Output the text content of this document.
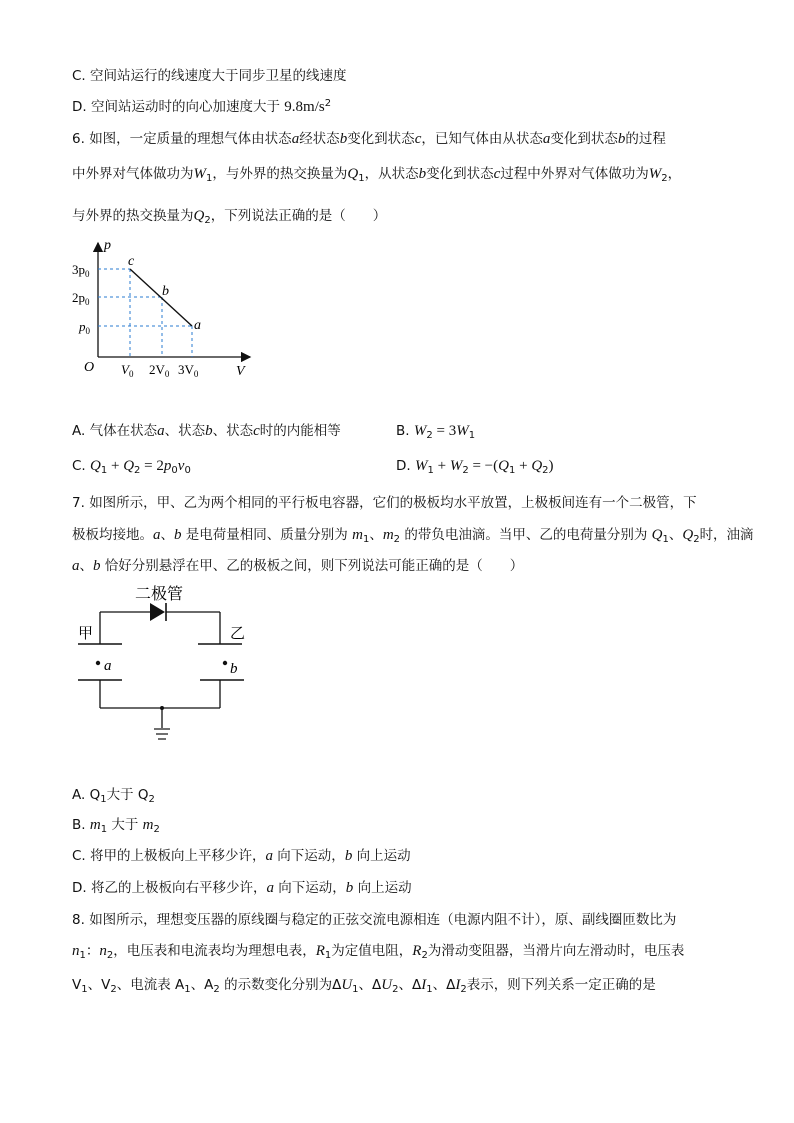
C. 空间站运行的线速度大于同步卫星的线速度
D. 空间站运动时的向心加速度大于 $9.8m/s^2$
6. 如图，一定质量的理想气体由状态a经状态b变化到状态c，已知气体由从状态a变化到状态b的过程
中外界对气体做功为$W_1$，与外界的热交换量为$Q_1$，从状态b变化到状态c过程中外界对气体做功为$W_2$，
与外界的热交换量为$Q_2$，下列说法正确的是（　　）
p
V
O
c
b
a
$3p_0$
$2p_0$
$p_0$
$V_0$ $2V_0$ $3V_0$
A. 气体在状态a、状态b、状态c时的内能相等	B. $W_2 = 3W_1$
C. $Q_1 + Q_2 = 2p_0v_0$	D. $W_1 + W_2 = -(Q_1 + Q_2)$
7. 如图所示，甲、乙为两个相同的平行板电容器，它们的极板均水平放置，上极板间连有一个二极管，下
极板均接地。a、b 是电荷量相同、质量分别为 $m_1$、$m_2$ 的带负电油滴。当甲、乙的电荷量分别为 $Q_1$、$Q_2$时，油滴
a、b 恰好分别悬浮在甲、乙的极板之间，则下列说法可能正确的是（　　）
二极管
甲	乙
a	b
A. $Q_1$大于 $Q_2$
B. $m_1$ 大于 $m_2$
C. 将甲的上极板向上平移少许，a 向下运动，b 向上运动
D. 将乙的上极板向右平移少许，a 向下运动，b 向上运动
8. 如图所示，理想变压器的原线圈与稳定的正弦交流电源相连（电源内阻不计），原、副线圈匝数比为
$n_1$：$n_2$，电压表和电流表均为理想电表，$R_1$为定值电阻，$R_2$为滑动变阻器，当滑片向左滑动时，电压表
$V_1$、$V_2$、电流表 $A_1$、$A_2$ 的示数变化分别为$\Delta U_1$、$\Delta U_2$、$\Delta I_1$、$\Delta I_2$表示，则下列关系一定正确的是
